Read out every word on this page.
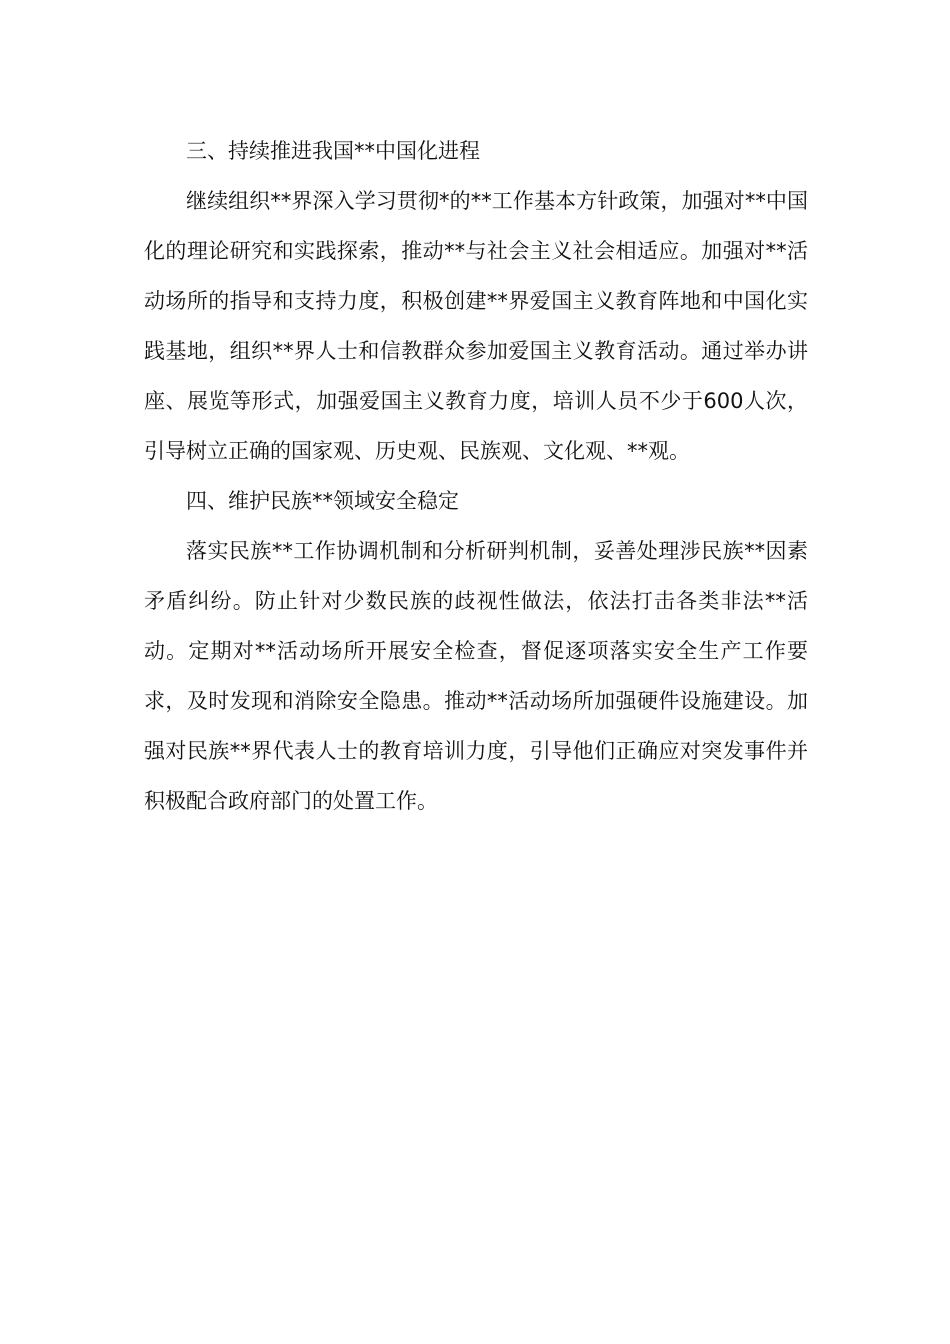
三、持续推进我国**中国化进程

继续组织**界深入学习贯彻*的**工作基本方针政策，加强对**中国化的理论研究和实践探索，推动**与社会主义社会相适应。加强对**活动场所的指导和支持力度，积极创建**界爱国主义教育阵地和中国化实践基地，组织**界人士和信教群众参加爱国主义教育活动。通过举办讲座、展览等形式，加强爱国主义教育力度，培训人员不少于600人次，引导树立正确的国家观、历史观、民族观、文化观、**观。

四、维护民族**领域安全稳定

落实民族**工作协调机制和分析研判机制，妥善处理涉民族**因素矛盾纠纷。防止针对少数民族的歧视性做法，依法打击各类非法**活动。定期对**活动场所开展安全检查，督促逐项落实安全生产工作要求，及时发现和消除安全隐患。推动**活动场所加强硬件设施建设。加强对民族**界代表人士的教育培训力度，引导他们正确应对突发事件并积极配合政府部门的处置工作。
